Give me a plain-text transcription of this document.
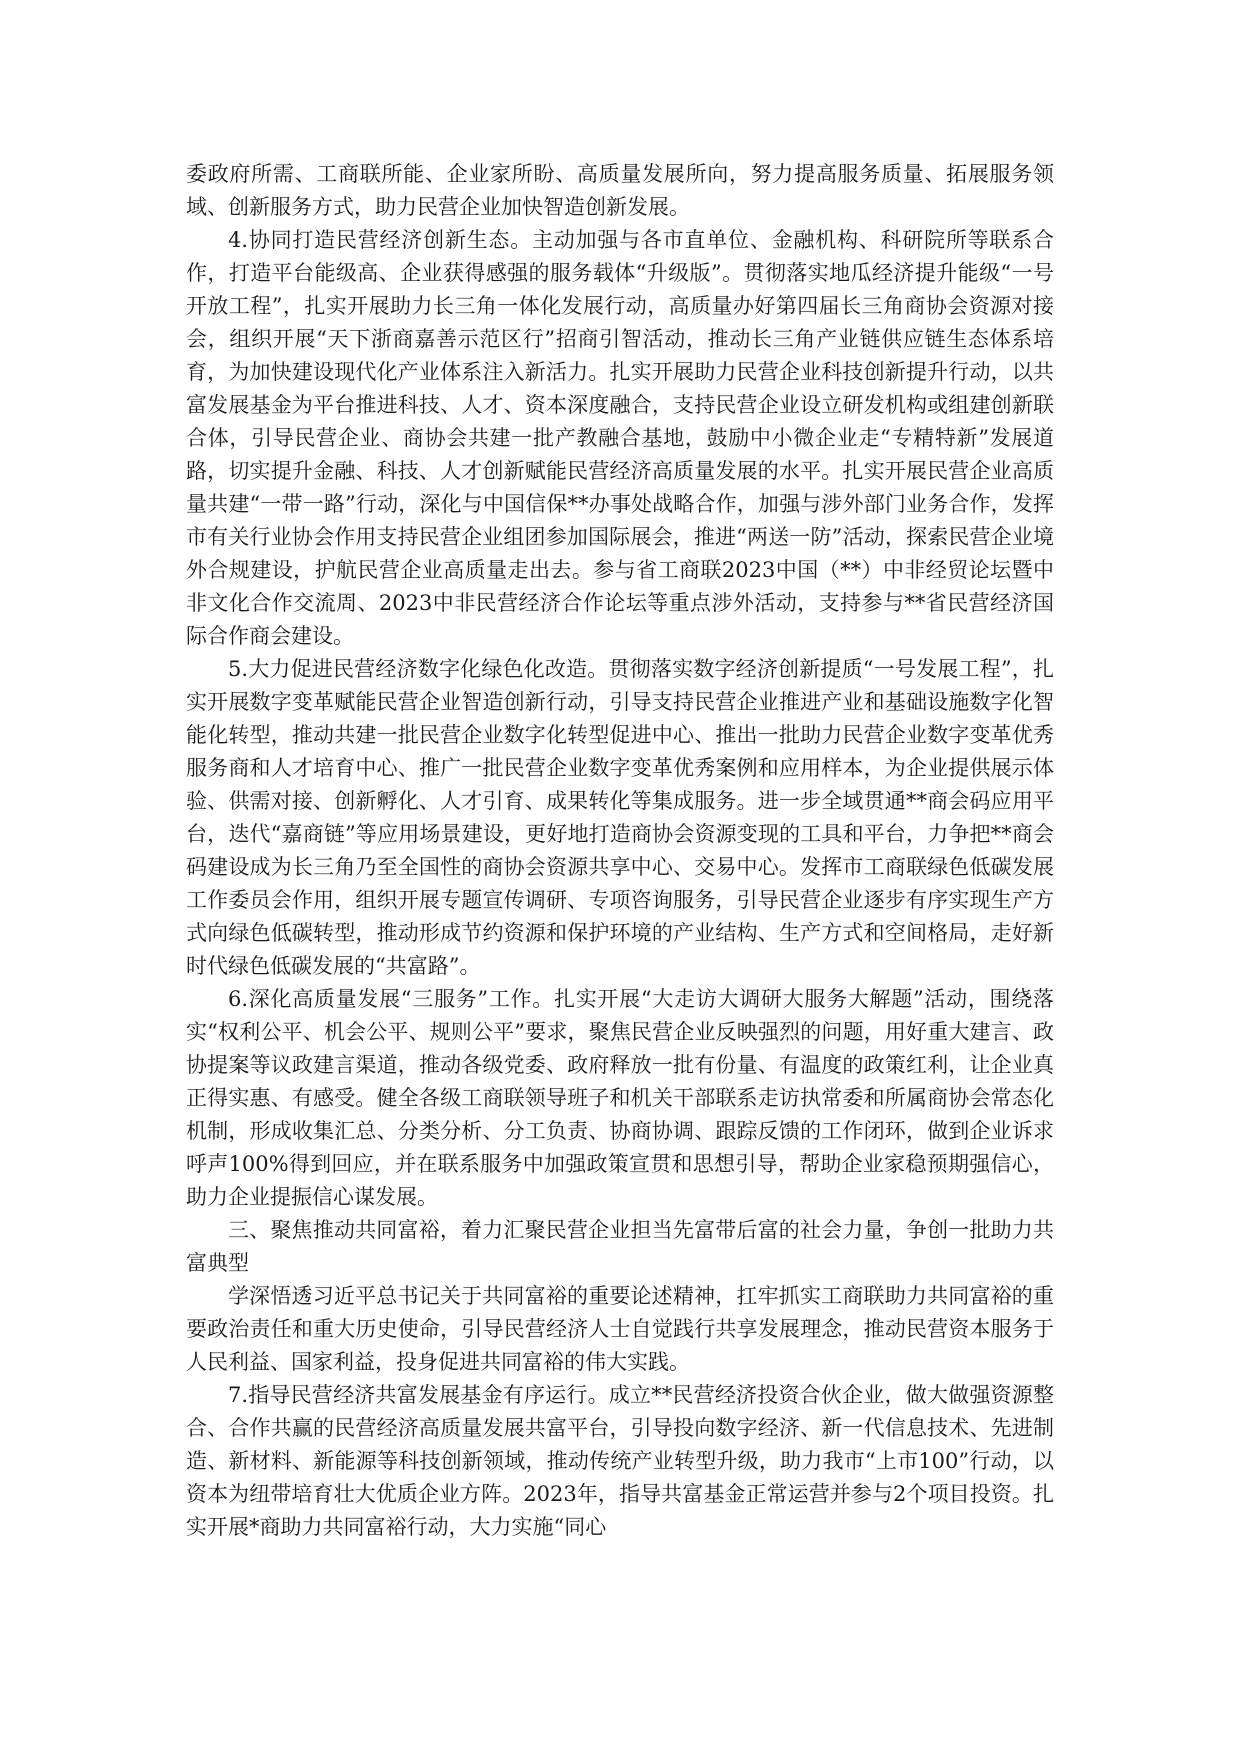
委政府所需、工商联所能、企业家所盼、高质量发展所向，努力提高服务质量、拓展服务领域、创新服务方式，助力民营企业加快智造创新发展。

4.协同打造民营经济创新生态。主动加强与各市直单位、金融机构、科研院所等联系合作，打造平台能级高、企业获得感强的服务载体“升级版”。贯彻落实地瓜经济提升能级“一号开放工程”，扎实开展助力长三角一体化发展行动，高质量办好第四届长三角商协会资源对接会，组织开展“天下浙商嘉善示范区行”招商引智活动，推动长三角产业链供应链生态体系培育，为加快建设现代化产业体系注入新活力。扎实开展助力民营企业科技创新提升行动，以共富发展基金为平台推进科技、人才、资本深度融合，支持民营企业设立研发机构或组建创新联合体，引导民营企业、商协会共建一批产教融合基地，鼓励中小微企业走“专精特新”发展道路，切实提升金融、科技、人才创新赋能民营经济高质量发展的水平。扎实开展民营企业高质量共建“一带一路”行动，深化与中国信保**办事处战略合作，加强与涉外部门业务合作，发挥市有关行业协会作用支持民营企业组团参加国际展会，推进“两送一防”活动，探索民营企业境外合规建设，护航民营企业高质量走出去。参与省工商联2023中国（**）中非经贸论坛暨中非文化合作交流周、2023中非民营经济合作论坛等重点涉外活动，支持参与**省民营经济国际合作商会建设。

5.大力促进民营经济数字化绿色化改造。贯彻落实数字经济创新提质“一号发展工程”，扎实开展数字变革赋能民营企业智造创新行动，引导支持民营企业推进产业和基础设施数字化智能化转型，推动共建一批民营企业数字化转型促进中心、推出一批助力民营企业数字变革优秀服务商和人才培育中心、推广一批民营企业数字变革优秀案例和应用样本，为企业提供展示体验、供需对接、创新孵化、人才引育、成果转化等集成服务。进一步全域贯通**商会码应用平台，迭代“嘉商链”等应用场景建设，更好地打造商协会资源变现的工具和平台，力争把**商会码建设成为长三角乃至全国性的商协会资源共享中心、交易中心。发挥市工商联绿色低碳发展工作委员会作用，组织开展专题宣传调研、专项咨询服务，引导民营企业逐步有序实现生产方式向绿色低碳转型，推动形成节约资源和保护环境的产业结构、生产方式和空间格局，走好新时代绿色低碳发展的“共富路”。

6.深化高质量发展“三服务”工作。扎实开展“大走访大调研大服务大解题”活动，围绕落实“权利公平、机会公平、规则公平”要求，聚焦民营企业反映强烈的问题，用好重大建言、政协提案等议政建言渠道，推动各级党委、政府释放一批有份量、有温度的政策红利，让企业真正得实惠、有感受。健全各级工商联领导班子和机关干部联系走访执常委和所属商协会常态化机制，形成收集汇总、分类分析、分工负责、协商协调、跟踪反馈的工作闭环，做到企业诉求呼声100%得到回应，并在联系服务中加强政策宣贯和思想引导，帮助企业家稳预期强信心，助力企业提振信心谋发展。

三、聚焦推动共同富裕，着力汇聚民营企业担当先富带后富的社会力量，争创一批助力共富典型

学深悟透习近平总书记关于共同富裕的重要论述精神，扛牢抓实工商联助力共同富裕的重要政治责任和重大历史使命，引导民营经济人士自觉践行共享发展理念，推动民营资本服务于人民利益、国家利益，投身促进共同富裕的伟大实践。

7.指导民营经济共富发展基金有序运行。成立**民营经济投资合伙企业，做大做强资源整合、合作共赢的民营经济高质量发展共富平台，引导投向数字经济、新一代信息技术、先进制造、新材料、新能源等科技创新领域，推动传统产业转型升级，助力我市“上市100”行动，以资本为纽带培育壮大优质企业方阵。2023年，指导共富基金正常运营并参与2个项目投资。扎实开展*商助力共同富裕行动，大力实施“同心
